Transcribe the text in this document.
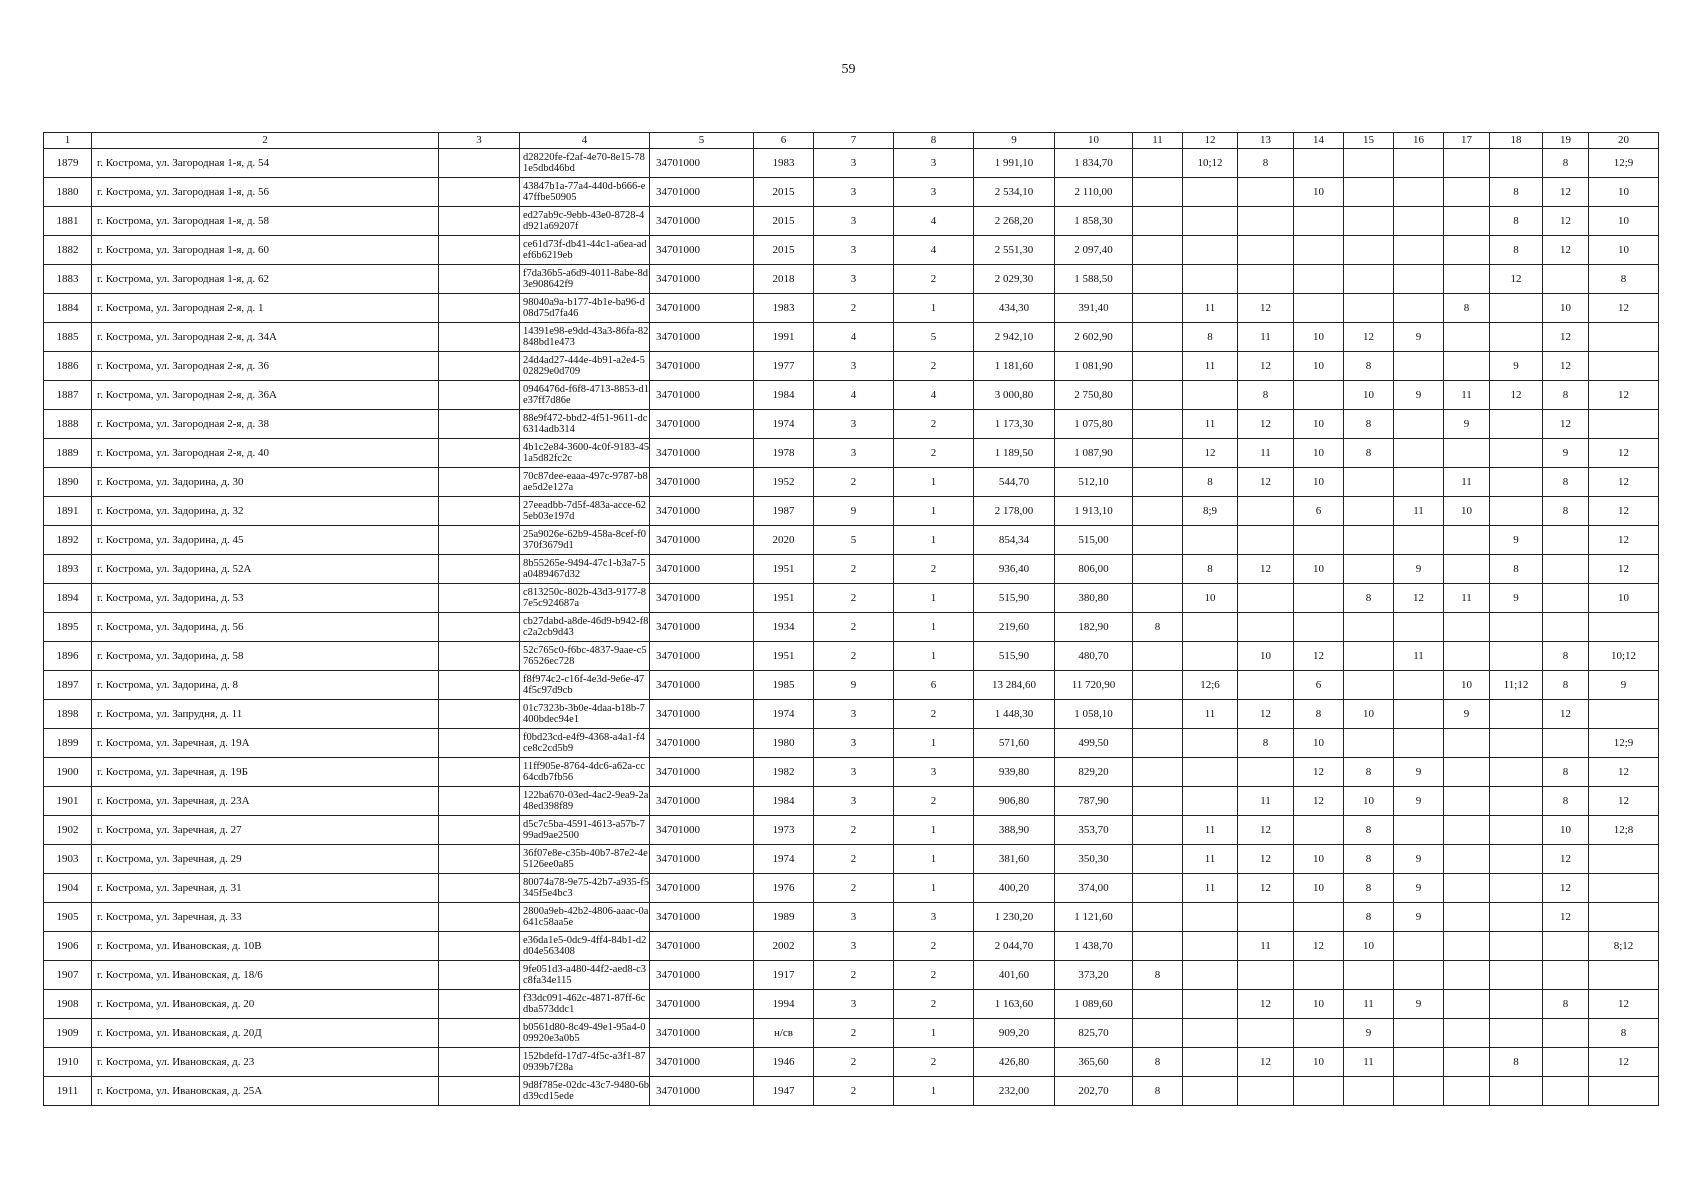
59
1	2	3	4	5	6	7	8	9	10	11	12	13	14	15	16	17	18	19	20
1879	г. Кострома, ул. Загородная 1-я, д. 54		d28220fe-f2af-4e70-8e15-781e5dbd46bd	34701000	1983	3	3	1 991,10	1 834,70		10;12	8						8	12;9
1880	г. Кострома, ул. Загородная 1-я, д. 56		43847b1a-77a4-440d-b666-e47ffbe50905	34701000	2015	3	3	2 534,10	2 110,00				10				8	12	10
1881	г. Кострома, ул. Загородная 1-я, д. 58		ed27ab9c-9ebb-43e0-8728-4d921a69207f	34701000	2015	3	4	2 268,20	1 858,30								8	12	10
1882	г. Кострома, ул. Загородная 1-я, д. 60		ce61d73f-db41-44c1-a6ea-adef6b6219eb	34701000	2015	3	4	2 551,30	2 097,40								8	12	10
1883	г. Кострома, ул. Загородная 1-я, д. 62		f7da36b5-a6d9-4011-8abe-8d3e908642f9	34701000	2018	3	2	2 029,30	1 588,50								12		8
1884	г. Кострома, ул. Загородная 2-я, д. 1		98040a9a-b177-4b1e-ba96-d08d75d7fa46	34701000	1983	2	1	434,30	391,40		11	12				8		10	12
1885	г. Кострома, ул. Загородная 2-я, д. 34А		14391e98-e9dd-43a3-86fa-82848bd1e473	34701000	1991	4	5	2 942,10	2 602,90		8	11	10	12	9			12	
1886	г. Кострома, ул. Загородная 2-я, д. 36		24d4ad27-444e-4b91-a2e4-502829e0d709	34701000	1977	3	2	1 181,60	1 081,90		11	12	10	8			9	12	
1887	г. Кострома, ул. Загородная 2-я, д. 36А		0946476d-f6f8-4713-8853-d1e37ff7d86e	34701000	1984	4	4	3 000,80	2 750,80			8		10	9	11	12	8	12
1888	г. Кострома, ул. Загородная 2-я, д. 38		88e9f472-bbd2-4f51-9611-dc6314adb314	34701000	1974	3	2	1 173,30	1 075,80		11	12	10	8		9		12	
1889	г. Кострома, ул. Загородная 2-я, д. 40		4b1c2e84-3600-4c0f-9183-451a5d82fc2c	34701000	1978	3	2	1 189,50	1 087,90		12	11	10	8				9	12
1890	г. Кострома, ул. Задорина, д. 30		70c87dee-eaaa-497c-9787-b8ae5d2e127a	34701000	1952	2	1	544,70	512,10		8	12	10			11		8	12
1891	г. Кострома, ул. Задорина, д. 32		27eeadbb-7d5f-483a-acce-625eb03e197d	34701000	1987	9	1	2 178,00	1 913,10		8;9		6		11	10		8	12
1892	г. Кострома, ул. Задорина, д. 45		25a9026e-62b9-458a-8cef-f0370f3679d1	34701000	2020	5	1	854,34	515,00								9		12
1893	г. Кострома, ул. Задорина, д. 52А		8b55265e-9494-47c1-b3a7-5a0489467d32	34701000	1951	2	2	936,40	806,00		8	12	10		9		8		12
1894	г. Кострома, ул. Задорина, д. 53		c813250c-802b-43d3-9177-87e5c924687a	34701000	1951	2	1	515,90	380,80		10			8	12	11	9		10
1895	г. Кострома, ул. Задорина, д. 56		cb27dabd-a8de-46d9-b942-f8c2a2cb9d43	34701000	1934	2	1	219,60	182,90	8									
1896	г. Кострома, ул. Задорина, д. 58		52c765c0-f6bc-4837-9aae-c576526ec728	34701000	1951	2	1	515,90	480,70			10	12		11			8	10;12
1897	г. Кострома, ул. Задорина, д. 8		f8f974c2-c16f-4e3d-9e6e-474f5c97d9cb	34701000	1985	9	6	13 284,60	11 720,90		12;6		6			10	11;12	8	9
1898	г. Кострома, ул. Запрудня, д. 11		01c7323b-3b0e-4daa-b18b-7400bdec94e1	34701000	1974	3	2	1 448,30	1 058,10		11	12	8	10		9		12	
1899	г. Кострома, ул. Заречная, д. 19А		f0bd23cd-e4f9-4368-a4a1-f4ce8c2cd5b9	34701000	1980	3	1	571,60	499,50			8	10						12;9
1900	г. Кострома, ул. Заречная, д. 19Б		11ff905e-8764-4dc6-a62a-cc64cdb7fb56	34701000	1982	3	3	939,80	829,20				12	8	9			8	12
1901	г. Кострома, ул. Заречная, д. 23А		122ba670-03ed-4ac2-9ea9-2a48ed398f89	34701000	1984	3	2	906,80	787,90			11	12	10	9			8	12
1902	г. Кострома, ул. Заречная, д. 27		d5c7c5ba-4591-4613-a57b-799ad9ae2500	34701000	1973	2	1	388,90	353,70		11	12		8				10	12;8
1903	г. Кострома, ул. Заречная, д. 29		36f07e8e-c35b-40b7-87e2-4e5126ee0a85	34701000	1974	2	1	381,60	350,30		11	12	10	8	9			12	
1904	г. Кострома, ул. Заречная, д. 31		80074a78-9e75-42b7-a935-f5345f5e4bc3	34701000	1976	2	1	400,20	374,00		11	12	10	8	9			12	
1905	г. Кострома, ул. Заречная, д. 33		2800a9eb-42b2-4806-aaac-0a641c58aa5e	34701000	1989	3	3	1 230,20	1 121,60					8	9			12	
1906	г. Кострома, ул. Ивановская, д. 10В		e36da1e5-0dc9-4ff4-84b1-d2d04e563408	34701000	2002	3	2	2 044,70	1 438,70			11	12	10					8;12
1907	г. Кострома, ул. Ивановская, д. 18/6		9fe051d3-a480-44f2-aed8-c3c8fa34e115	34701000	1917	2	2	401,60	373,20	8									
1908	г. Кострома, ул. Ивановская, д. 20		f33dc091-462c-4871-87ff-6cdba573ddc1	34701000	1994	3	2	1 163,60	1 089,60			12	10	11	9			8	12
1909	г. Кострома, ул. Ивановская, д. 20Д		b0561d80-8c49-49e1-95a4-009920e3a0b5	34701000	н/св	2	1	909,20	825,70					9					8
1910	г. Кострома, ул. Ивановская, д. 23		152bdefd-17d7-4f5c-a3f1-870939b7f28a	34701000	1946	2	2	426,80	365,60	8		12	10	11			8		12
1911	г. Кострома, ул. Ивановская, д. 25А		9d8f785e-02dc-43c7-9480-6bd39cd15ede	34701000	1947	2	1	232,00	202,70	8									
